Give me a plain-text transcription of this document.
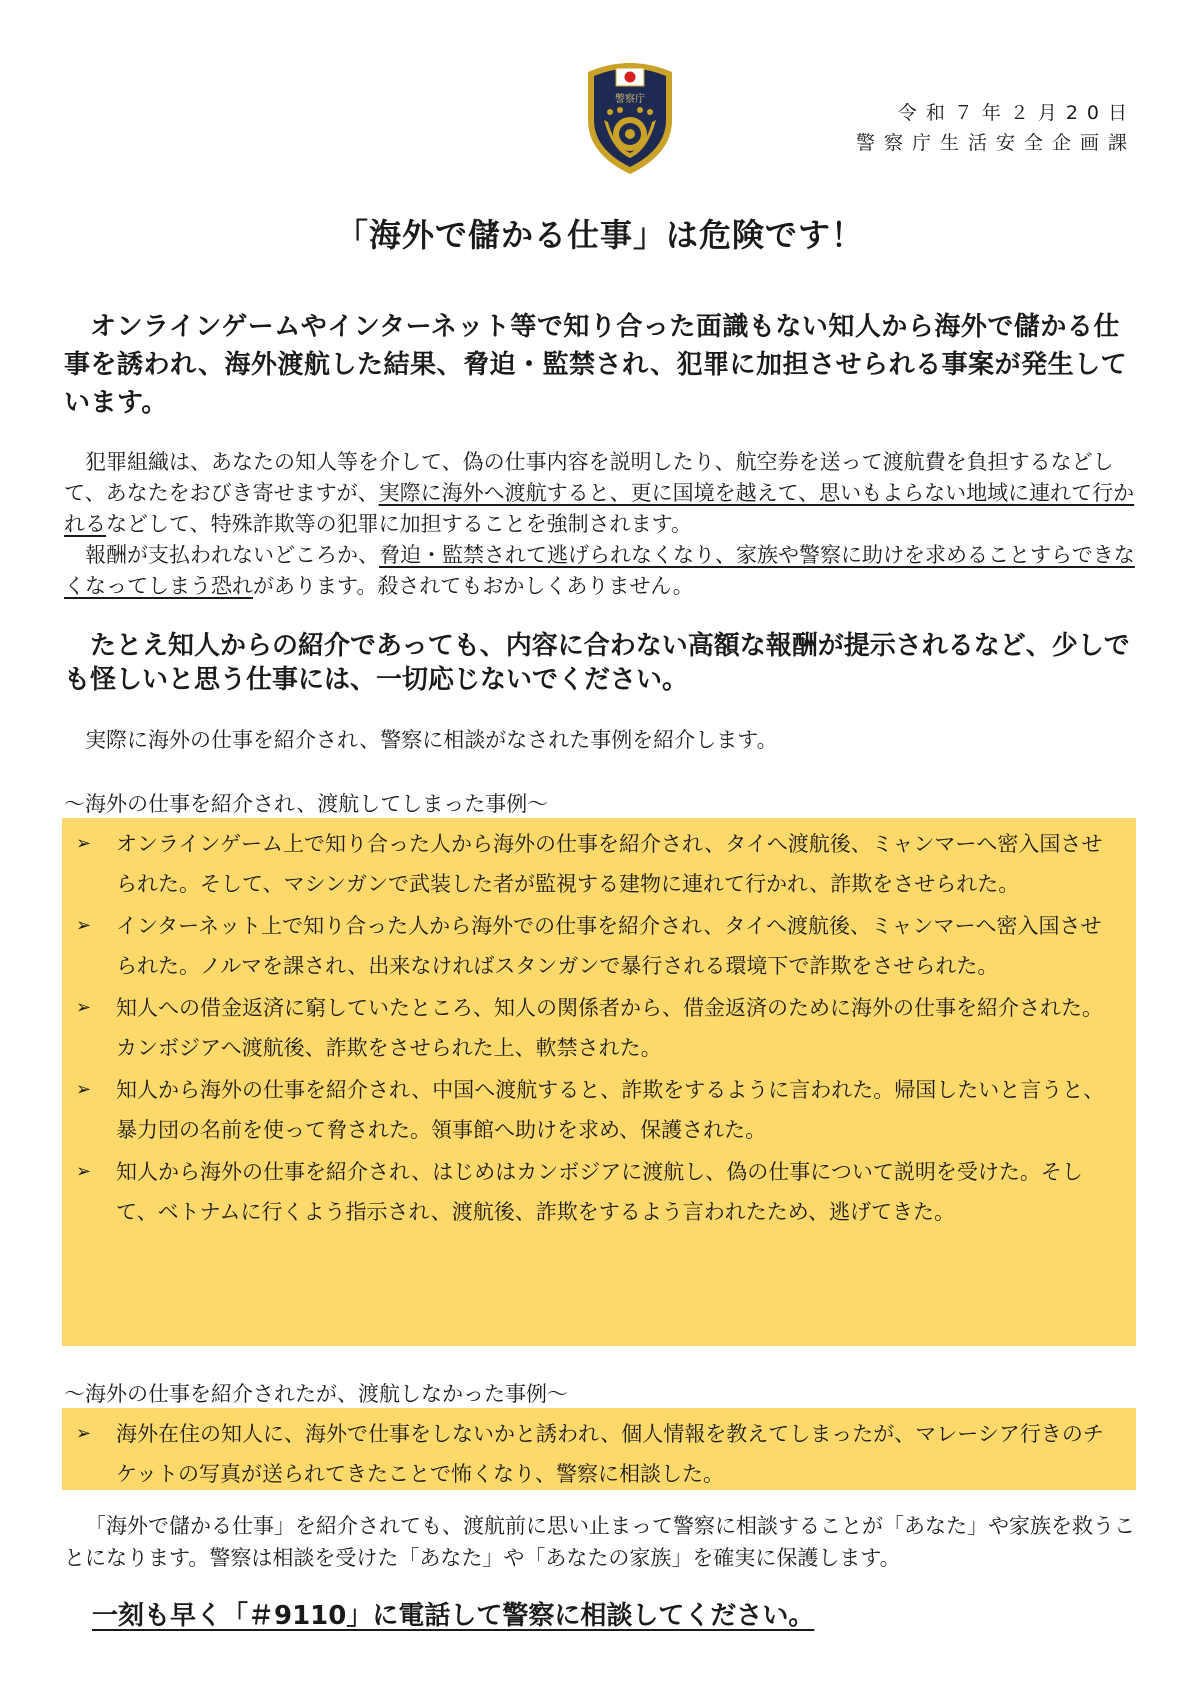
警察庁
令和７年２月20日
警察庁生活安全企画課
「海外で儲かる仕事」は危険です！
オンラインゲームやインターネット等で知り合った面識もない知人から海外で儲かる仕事を誘われ、海外渡航した結果、脅迫・監禁され、犯罪に加担させられる事案が発生しています。

犯罪組織は、あなたの知人等を介して、偽の仕事内容を説明したり、航空券を送って渡航費を負担するなどして、あなたをおびき寄せますが、実際に海外へ渡航すると、更に国境を越えて、思いもよらない地域に連れて行かれるなどして、特殊詐欺等の犯罪に加担することを強制されます。

報酬が支払われないどころか、脅迫・監禁されて逃げられなくなり、家族や警察に助けを求めることすらできなくなってしまう恐れがあります。殺されてもおかしくありません。

たとえ知人からの紹介であっても、内容に合わない高額な報酬が提示されるなど、少しでも怪しいと思う仕事には、一切応じないでください。
実際に海外の仕事を紹介され、警察に相談がなされた事例を紹介します。
～海外の仕事を紹介され、渡航してしまった事例～
➢	オンラインゲーム上で知り合った人から海外の仕事を紹介され、タイへ渡航後、ミャンマーへ密入国させられた。そして、マシンガンで武装した者が監視する建物に連れて行かれ、詐欺をさせられた。
➢	インターネット上で知り合った人から海外での仕事を紹介され、タイへ渡航後、ミャンマーへ密入国させられた。ノルマを課され、出来なければスタンガンで暴行される環境下で詐欺をさせられた。
➢	知人への借金返済に窮していたところ、知人の関係者から、借金返済のために海外の仕事を紹介された。カンボジアへ渡航後、詐欺をさせられた上、軟禁された。
➢	知人から海外の仕事を紹介され、中国へ渡航すると、詐欺をするように言われた。帰国したいと言うと、暴力団の名前を使って脅された。領事館へ助けを求め、保護された。
➢	知人から海外の仕事を紹介され、はじめはカンボジアに渡航し、偽の仕事について説明を受けた。そして、ベトナムに行くよう指示され、渡航後、詐欺をするよう言われたため、逃げてきた。
～海外の仕事を紹介されたが、渡航しなかった事例～
➢	海外在住の知人に、海外で仕事をしないかと誘われ、個人情報を教えてしまったが、マレーシア行きのチケットの写真が送られてきたことで怖くなり、警察に相談した。
「海外で儲かる仕事」を紹介されても、渡航前に思い止まって警察に相談することが「あなた」や家族を救うことになります。警察は相談を受けた「あなた」や「あなたの家族」を確実に保護します。
一刻も早く「＃9110」に電話して警察に相談してください。
